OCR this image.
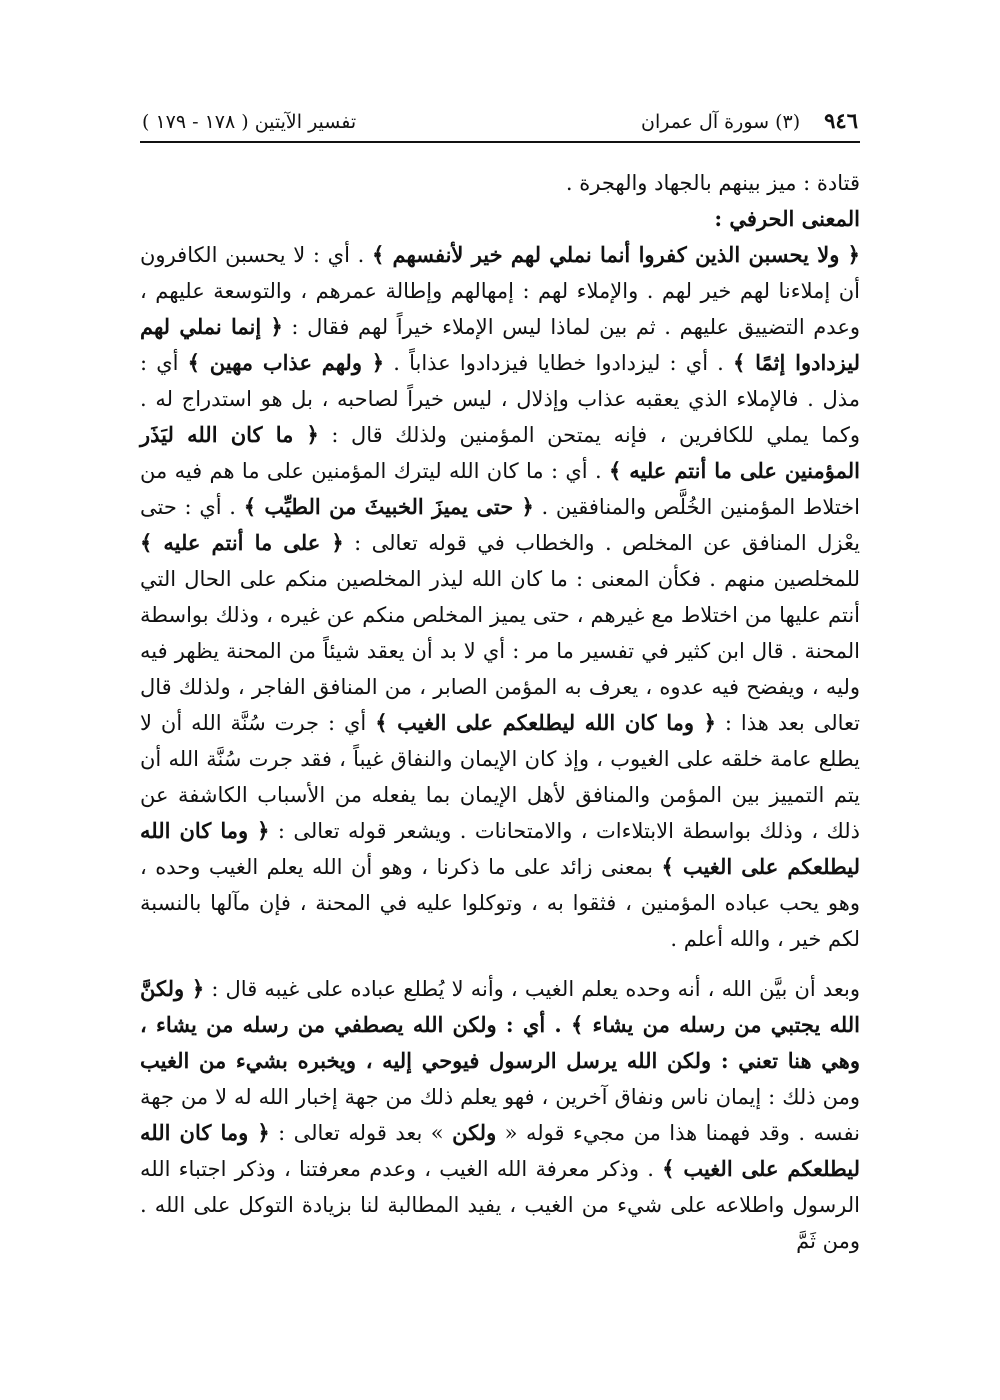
٩٤٦
(٣) سورة آل عمران
تفسير الآيتين ( ١٧٨ - ١٧٩ )

قتادة : ميز بينهم بالجهاد والهجرة .

المعنى الحرفي :

﴿ ولا يحسبن الذين كفروا أنما نملي لهم خير لأنفسهم ﴾ . أي : لا يحسبن الكافرون أن إملاءنا لهم خير لهم . والإملاء لهم : إمهالهم وإطالة عمرهم ، والتوسعة عليهم ، وعدم التضييق عليهم . ثم بين لماذا ليس الإملاء خيراً لهم فقال : ﴿ إنما نملي لهم ليزدادوا إثمًا ﴾ . أي : ليزدادوا خطايا فيزدادوا عذاباً . ﴿ ولهم عذاب مهين ﴾ أي : مذل . فالإملاء الذي يعقبه عذاب وإذلال ، ليس خيراً لصاحبه ، بل هو استدراج له . وكما يملي للكافرين ، فإنه يمتحن المؤمنين ولذلك قال : ﴿ ما كان الله ليَذَر المؤمنين على ما أنتم عليه ﴾ . أي : ما كان الله ليترك المؤمنين على ما هم فيه من اختلاط المؤمنين الخُلَّص والمنافقين . ﴿ حتى يميزَ الخبيثَ من الطيِّب ﴾ . أي : حتى يعْزل المنافق عن المخلص . والخطاب في قوله تعالى : ﴿ على ما أنتم عليه ﴾ للمخلصين منهم . فكأن المعنى : ما كان الله ليذر المخلصين منكم على الحال التي أنتم عليها من اختلاط مع غيرهم ، حتى يميز المخلص منكم عن غيره ، وذلك بواسطة المحنة . قال ابن كثير في تفسير ما مر : أي لا بد أن يعقد شيئاً من المحنة يظهر فيه وليه ، ويفضح فيه عدوه ، يعرف به المؤمن الصابر ، من المنافق الفاجر ، ولذلك قال تعالى بعد هذا : ﴿ وما كان الله ليطلعكم على الغيب ﴾ أي : جرت سُنَّة الله أن لا يطلع عامة خلقه على الغيوب ، وإذ كان الإيمان والنفاق غيباً ، فقد جرت سُنَّة الله أن يتم التمييز بين المؤمن والمنافق لأهل الإيمان بما يفعله من الأسباب الكاشفة عن ذلك ، وذلك بواسطة الابتلاءات ، والامتحانات . ويشعر قوله تعالى : ﴿ وما كان الله ليطلعكم على الغيب ﴾ بمعنى زائد على ما ذكرنا ، وهو أن الله يعلم الغيب وحده ، وهو يحب عباده المؤمنين ، فثقوا به ، وتوكلوا عليه في المحنة ، فإن مآلها بالنسبة لكم خير ، والله أعلم .

وبعد أن بيَّن الله ، أنه وحده يعلم الغيب ، وأنه لا يُطلع عباده على غيبه قال : ﴿ ولكنَّ الله يجتبي من رسله من يشاء ﴾ . أي : ولكن الله يصطفي من رسله من يشاء ، وهي هنا تعني : ولكن الله يرسل الرسول فيوحي إليه ، ويخبره بشيء من الغيب ومن ذلك : إيمان ناس ونفاق آخرين ، فهو يعلم ذلك من جهة إخبار الله له لا من جهة نفسه . وقد فهمنا هذا من مجيء قوله « ولكن » بعد قوله تعالى : ﴿ وما كان الله ليطلعكم على الغيب ﴾ . وذكر معرفة الله الغيب ، وعدم معرفتنا ، وذكر اجتباء الله الرسول واطلاعه على شيء من الغيب ، يفيد المطالبة لنا بزيادة التوكل على الله . ومن ثَمَّ
